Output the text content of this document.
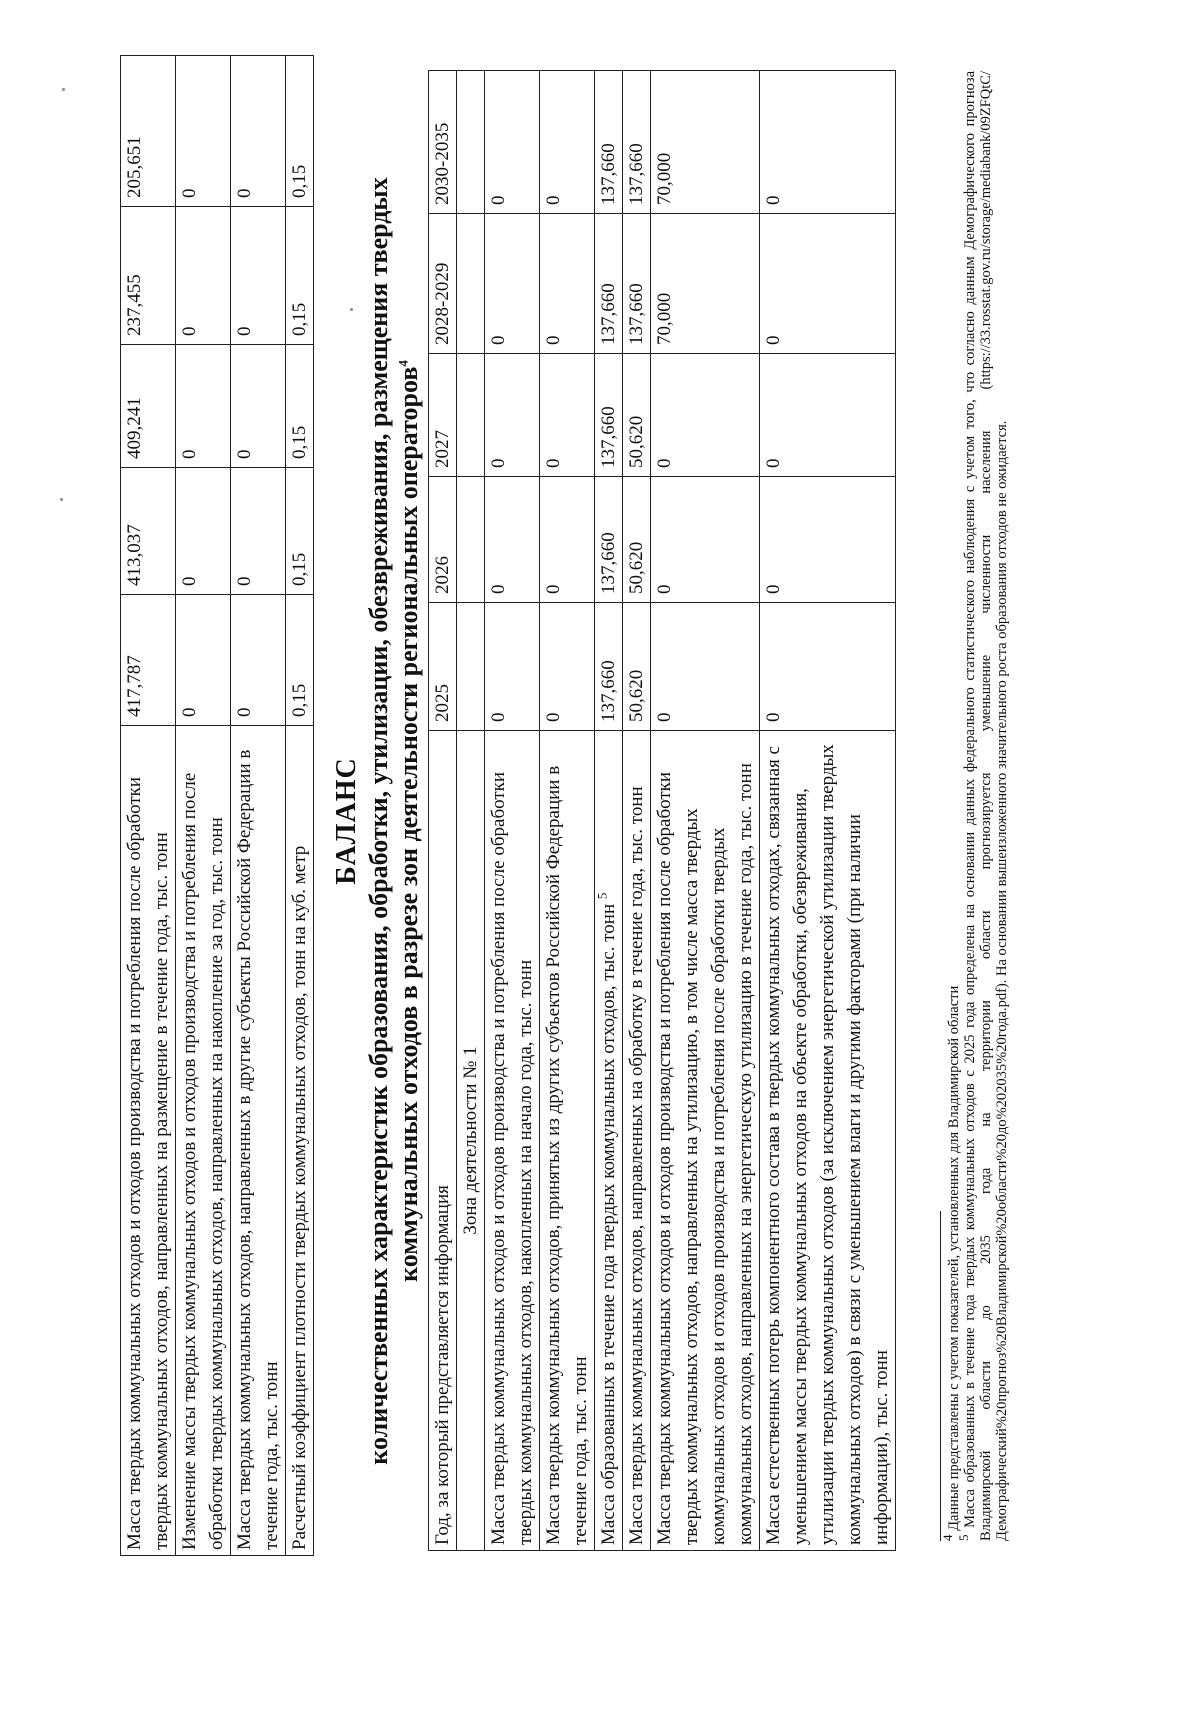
Масса твердых коммунальных отходов и отходов производства и потребления после обработки твердых коммунальных отходов, направленных на размещение в течение года, тыс. тонн	417,787	413,037	409,241	237,455	205,651
Изменение массы твердых коммунальных отходов и отходов производства и потребления после обработки твердых коммунальных отходов, направленных на накопление за год, тыс. тонн	0	0	0	0	0
Масса твердых коммунальных отходов, направленных в другие субъекты Российской Федерации в течение года, тыс. тонн	0	0	0	0	0
Расчетный коэффициент плотности твердых коммунальных отходов, тонн на куб. метр	0,15	0,15	0,15	0,15	0,15
БАЛАНС количественных характеристик образования, обработки, утилизации, обезвреживания, размещения твердых коммунальных отходов в разрезе зон деятельности региональных операторов$^4$
Год, за который представляется информация	2025	2026	2027	2028-2029	2030-2035
Зона деятельности № 1					
Масса твердых коммунальных отходов и отходов производства и потребления после обработки твердых коммунальных отходов, накопленных на начало года, тыс. тонн	0	0	0	0	0
Масса твердых коммунальных отходов, принятых из других субъектов Российской Федерации в течение года, тыс. тонн	0	0	0	0	0
Масса образованных в течение года твердых коммунальных отходов, тыс. тонн $^5$	137,660	137,660	137,660	137,660	137,660
Масса твердых коммунальных отходов, направленных на обработку в течение года, тыс. тонн	50,620	50,620	50,620	137,660	137,660
Масса твердых коммунальных отходов и отходов производства и потребления после обработки твердых коммунальных отходов, направленных на утилизацию, в том числе масса твердых коммунальных отходов и отходов производства и потребления после обработки твердых коммунальных отходов, направленных на энергетическую утилизацию в течение года, тыс. тонн	0	0	0	70,000	70,000
Масса естественных потерь компонентного состава в твердых коммунальных отходах, связанная с уменьшением массы твердых коммунальных отходов на объекте обработки, обезвреживания, утилизации твердых коммунальных отходов (за исключением энергетической утилизации твердых коммунальных отходов) в связи с уменьшением влаги и другими факторами (при наличии информации), тыс. тонн	0	0	0	0	0

$^4$ Данные представлены с учетом показателей, установленных для Владимирской области

$^5$ Масса образованных в течение года твердых коммунальных отходов с 2025 года определена на основании данных федерального статистического наблюдения с учетом того, что согласно данным Демографического прогноза Владимирской области до 2035 года на территории области прогнозируется уменьшение численности населения (https://33.rosstat.gov.ru/storage/mediabank/09ZFQtC/Демографический%20прогноз%20Владимирской%20области%20до%202035%20года.pdf). На основании вышеизложенного значительного роста образования отходов не ожидается.
